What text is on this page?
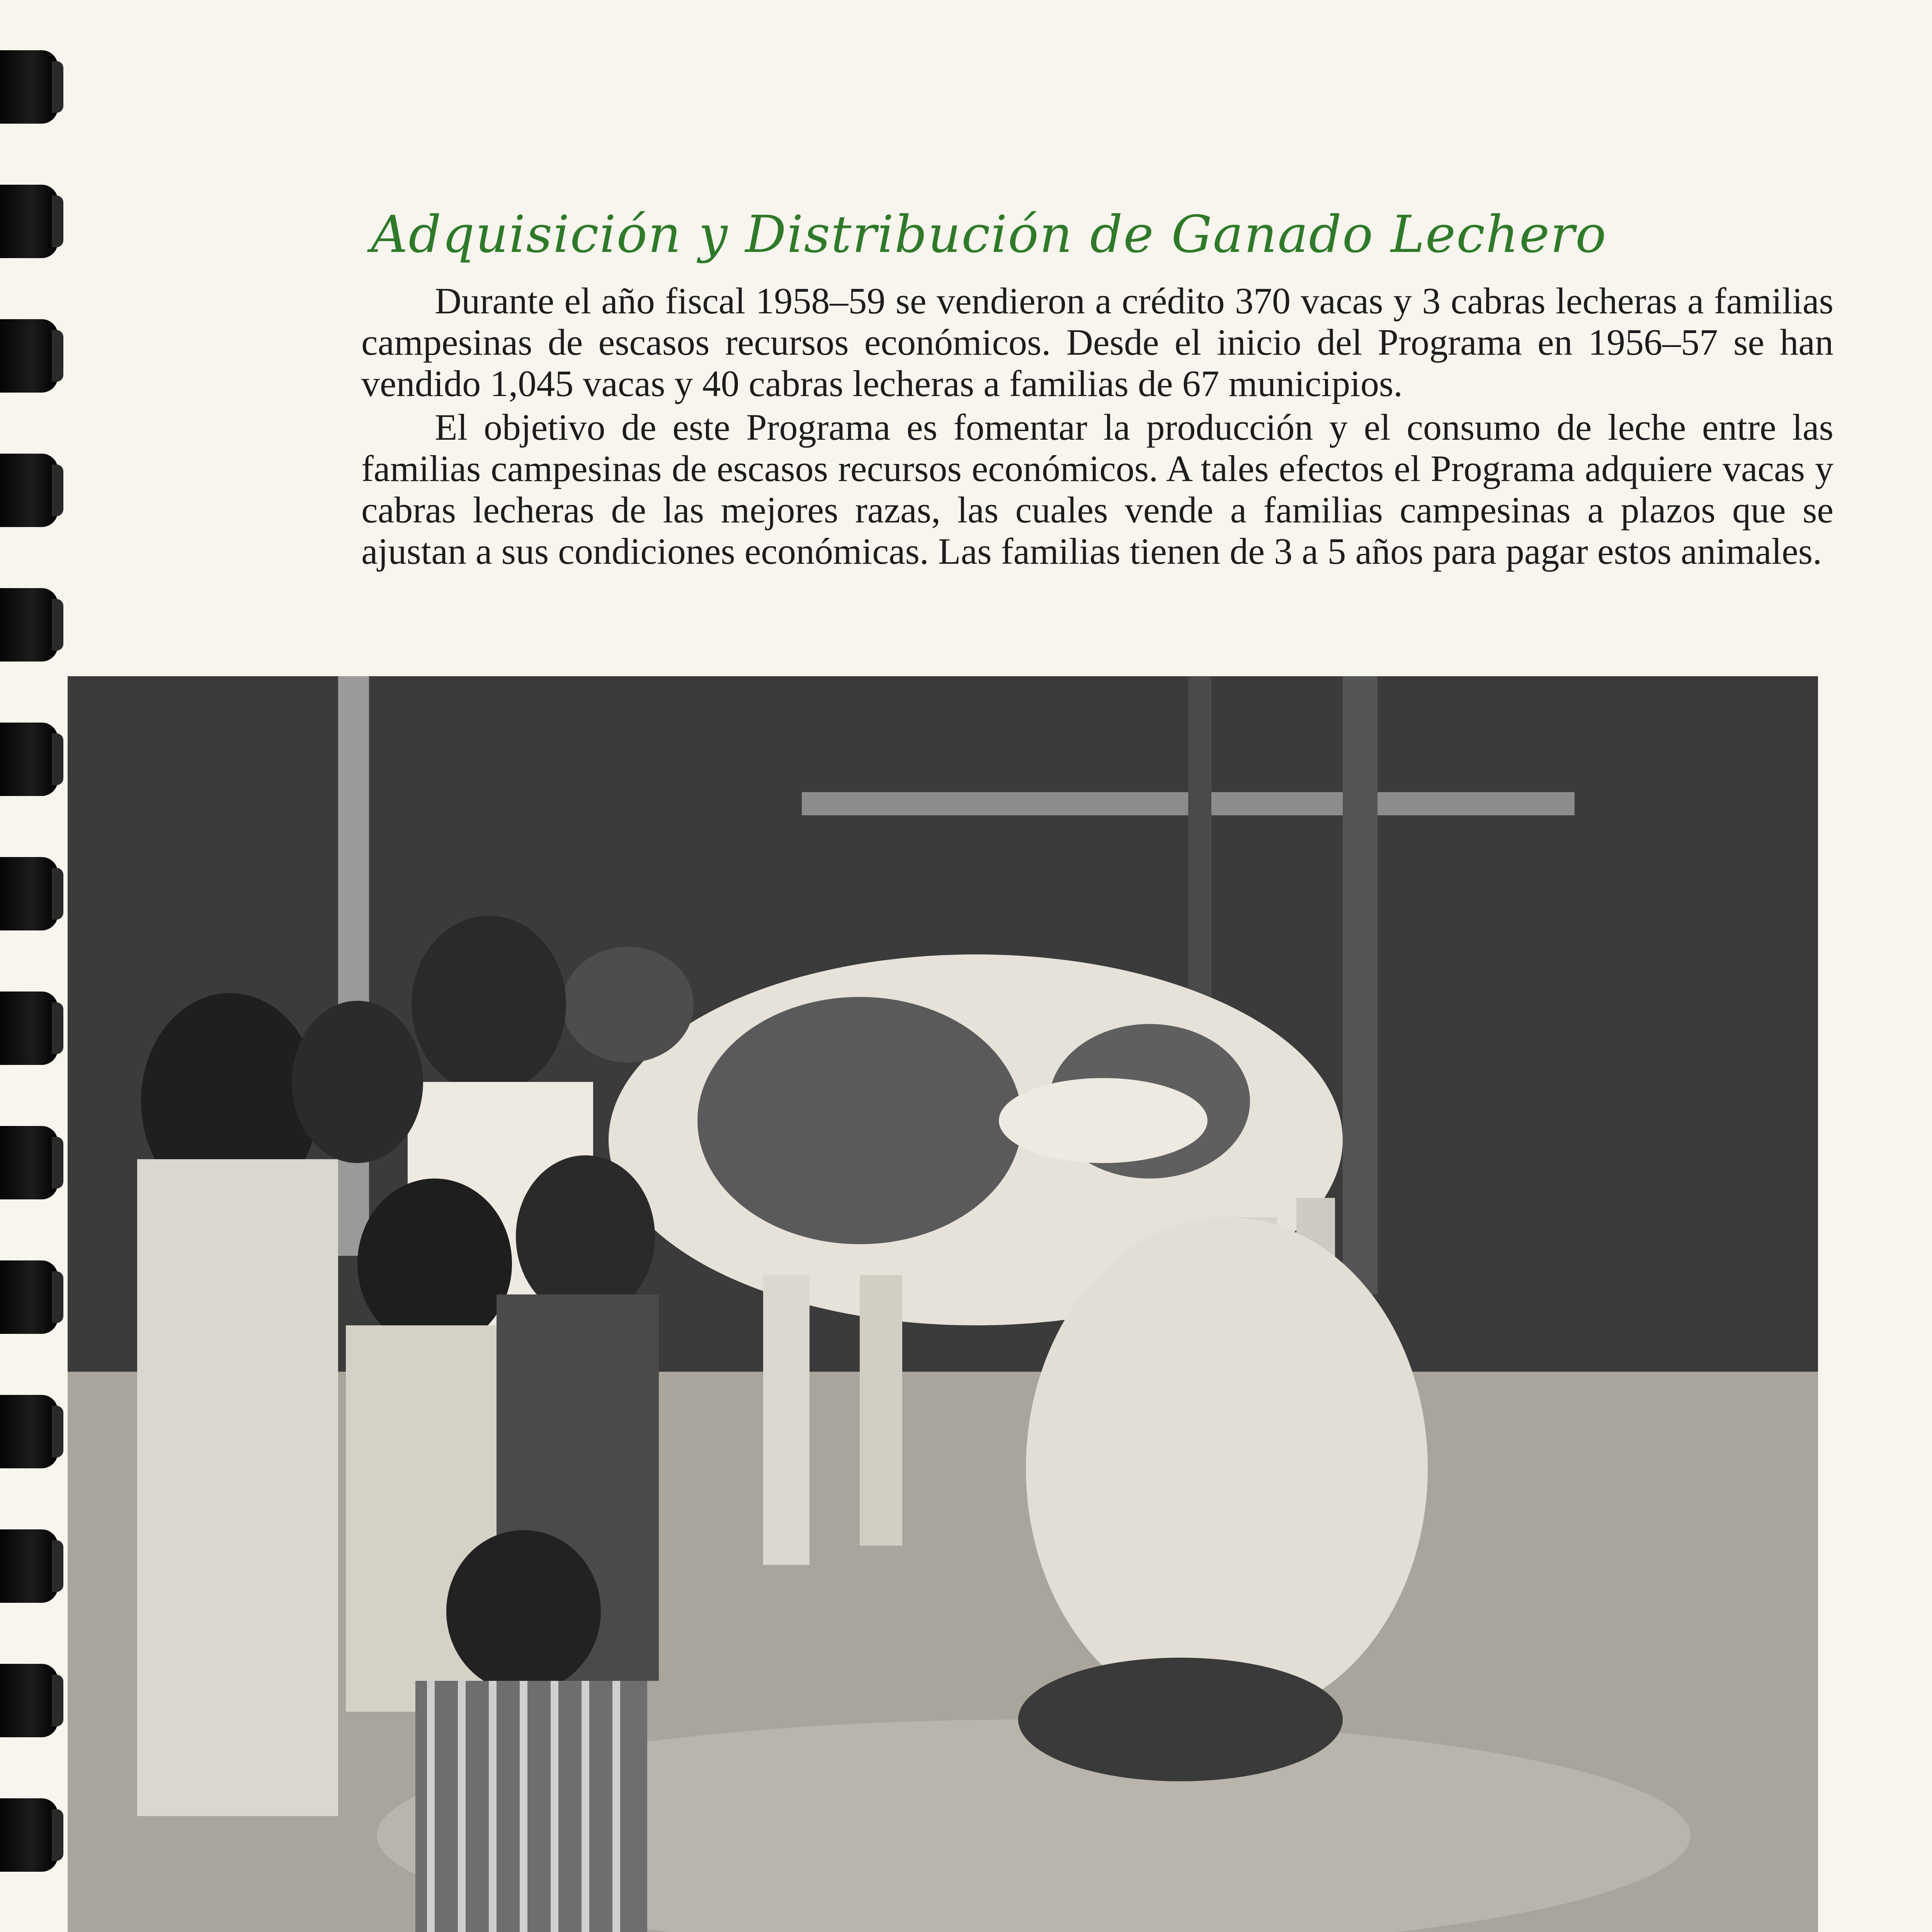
Adquisición y Distribución de Ganado Lechero

Durante el año fiscal 1958–59 se vendieron a crédito 370 vacas y 3 cabras lecheras a familias campesinas de escasos recursos económicos. Desde el inicio del Programa en 1956–57 se han vendido 1,045 vacas y 40 cabras lecheras a familias de 67 municipios.

El objetivo de este Programa es fomentar la producción y el consumo de leche entre las familias campesinas de escasos recursos económicos. A tales efectos el Programa adquiere vacas y cabras lecheras de las mejores razas, las cuales vende a familias campesinas a plazos que se ajustan a sus condiciones económicas. Las familias tienen de 3 a 5 años para pagar estos animales.
